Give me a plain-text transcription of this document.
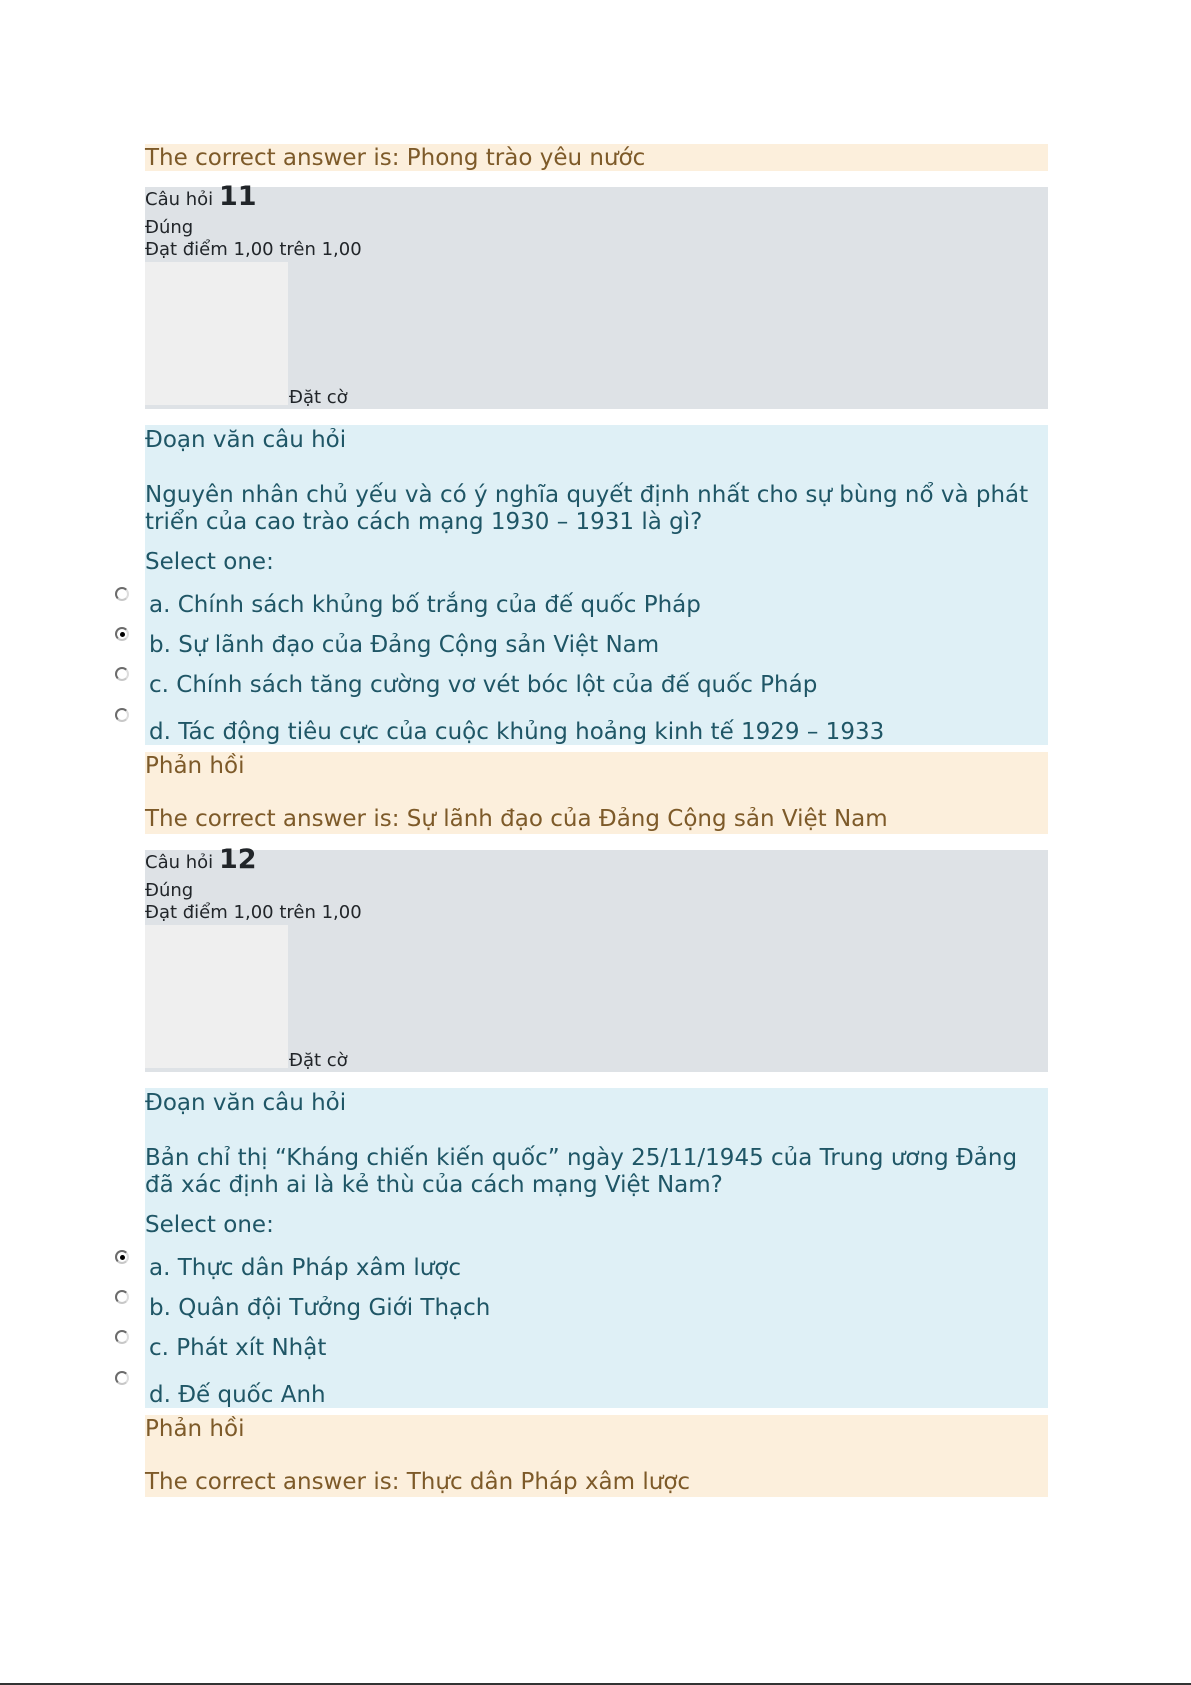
The correct answer is: Phong trào yêu nước
Câu hỏi 11
Đúng
Đạt điểm 1,00 trên 1,00
Đặt cờ
Đoạn văn câu hỏi
Nguyên nhân chủ yếu và có ý nghĩa quyết định nhất cho sự bùng nổ và phát triển của cao trào cách mạng 1930 – 1931 là gì?
Select one:
a. Chính sách khủng bố trắng của đế quốc Pháp
b. Sự lãnh đạo của Đảng Cộng sản Việt Nam
c. Chính sách tăng cường vơ vét bóc lột của đế quốc Pháp
d. Tác động tiêu cực của cuộc khủng hoảng kinh tế 1929 – 1933
Phản hồi
The correct answer is: Sự lãnh đạo của Đảng Cộng sản Việt Nam
Câu hỏi 12
Đúng
Đạt điểm 1,00 trên 1,00
Đặt cờ
Đoạn văn câu hỏi
Bản chỉ thị “Kháng chiến kiến quốc” ngày 25/11/1945 của Trung ương Đảng đã xác định ai là kẻ thù của cách mạng Việt Nam?
Select one:
a. Thực dân Pháp xâm lược
b. Quân đội Tưởng Giới Thạch
c. Phát xít Nhật
d. Đế quốc Anh
Phản hồi
The correct answer is: Thực dân Pháp xâm lược
